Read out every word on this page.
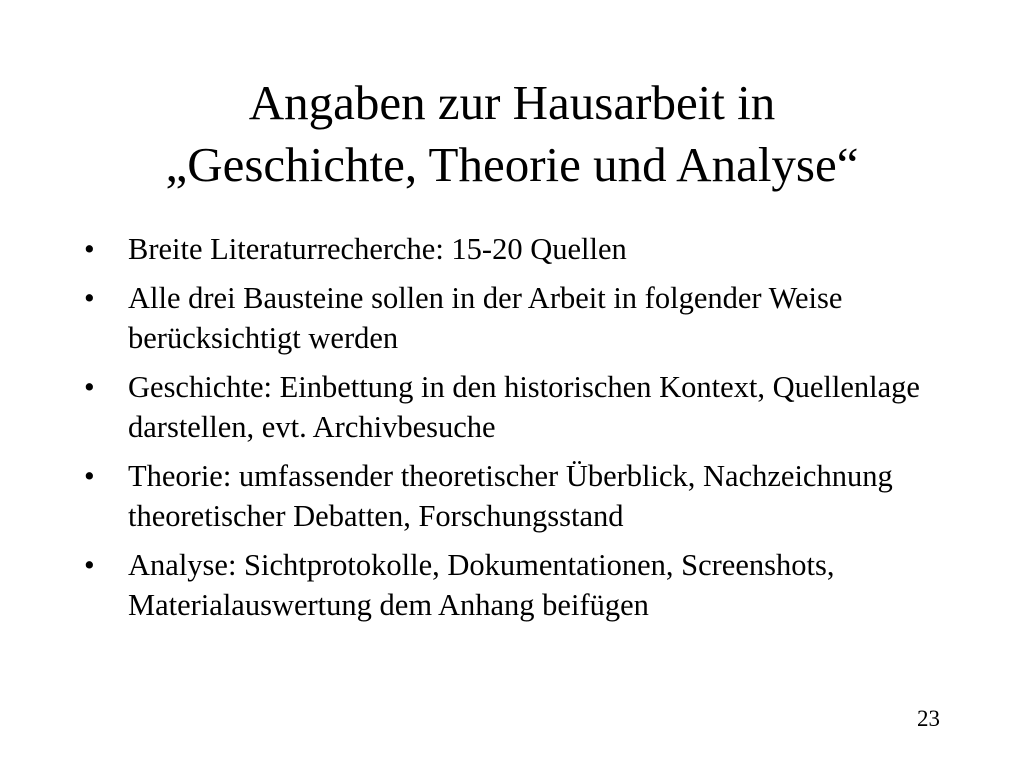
Angaben zur Hausarbeit in
„Geschichte, Theorie und Analyse“
•	Breite Literaturrecherche: 15-20 Quellen
•	Alle drei Bausteine sollen in der Arbeit in folgender Weise berücksichtigt werden
•	Geschichte: Einbettung in den historischen Kontext, Quellenlage darstellen, evt. Archivbesuche
•	Theorie: umfassender theoretischer Überblick, Nachzeichnung theoretischer Debatten, Forschungsstand
•	Analyse: Sichtprotokolle, Dokumentationen, Screenshots, Materialauswertung dem Anhang beifügen
23
